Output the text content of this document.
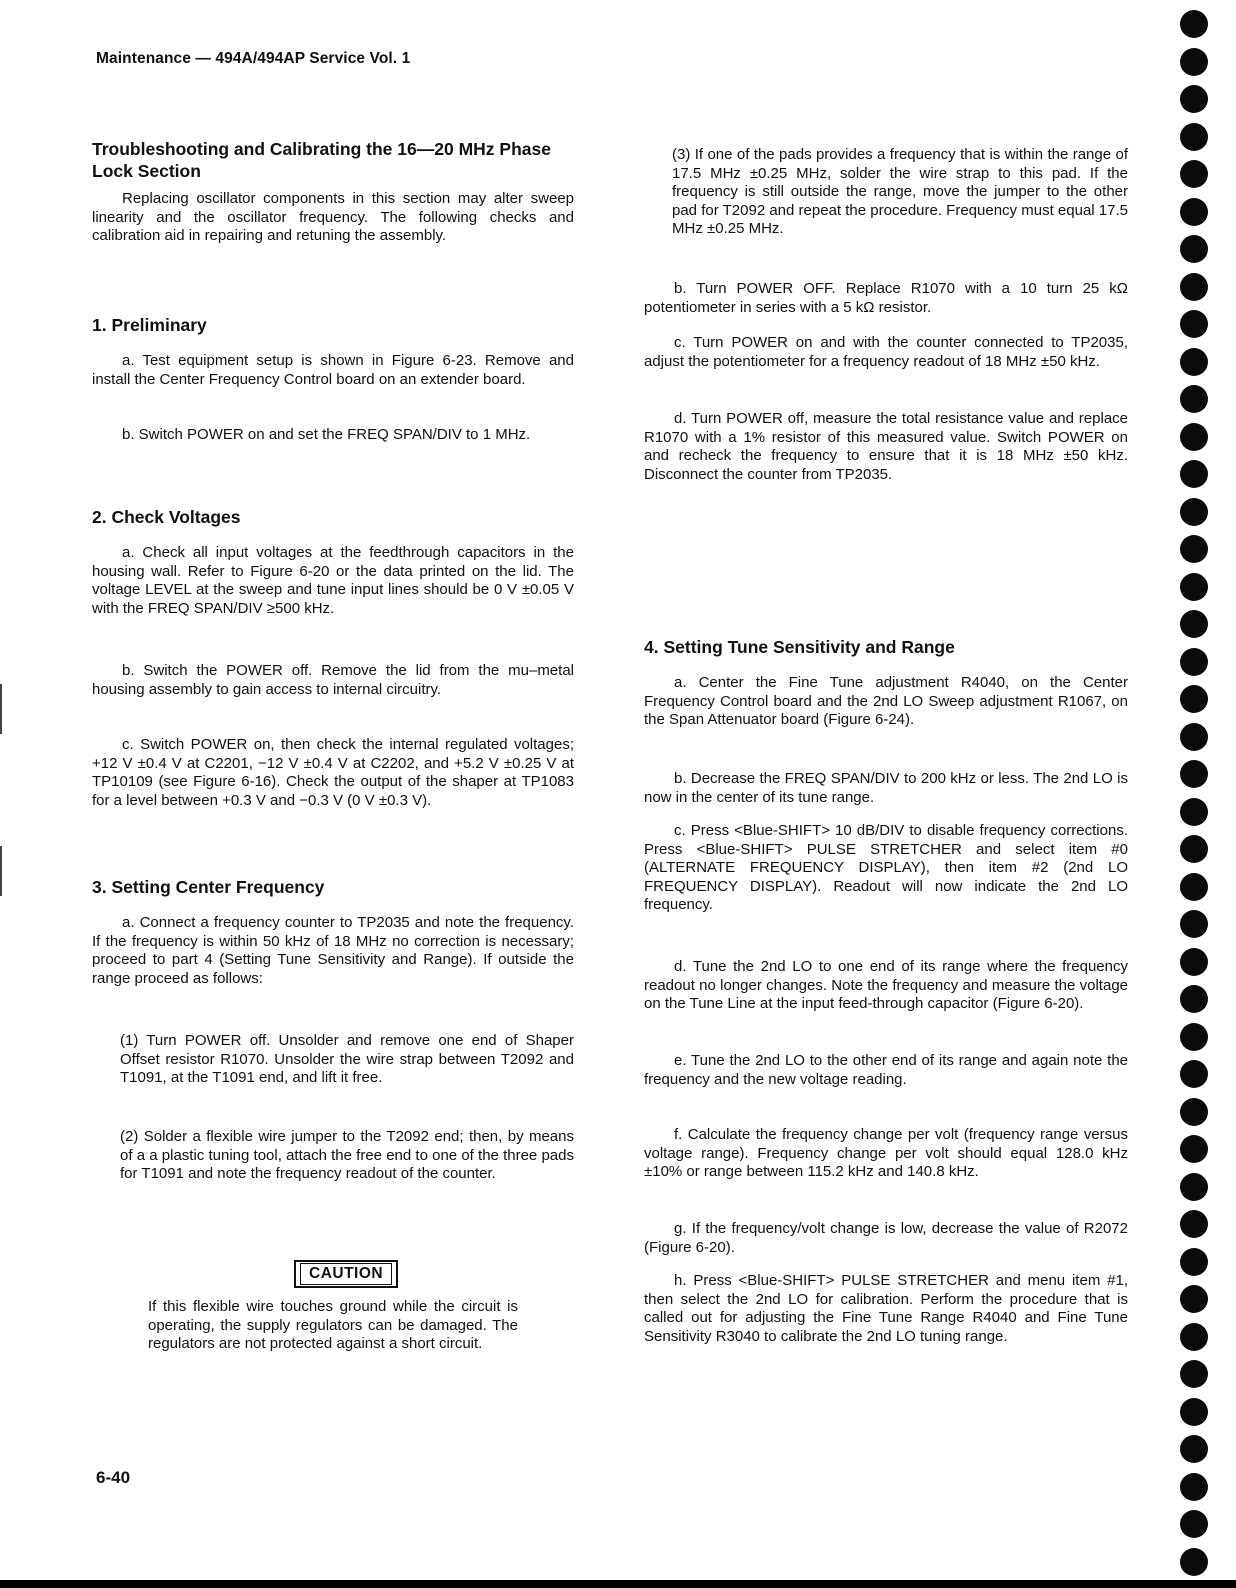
Maintenance — 494A/494AP Service Vol. 1
Troubleshooting and Calibrating the 16—20 MHz Phase Lock Section

Replacing oscillator components in this section may alter sweep linearity and the oscillator frequency. The following checks and calibration aid in repairing and retuning the assembly.

1. Preliminary

a. Test equipment setup is shown in Figure 6-23. Remove and install the Center Frequency Control board on an extender board.

b. Switch POWER on and set the FREQ SPAN/DIV to 1 MHz.

2. Check Voltages

a. Check all input voltages at the feedthrough capacitors in the housing wall. Refer to Figure 6-20 or the data printed on the lid. The voltage LEVEL at the sweep and tune input lines should be 0 V ±0.05 V with the FREQ SPAN/DIV ≥500 kHz.

b. Switch the POWER off. Remove the lid from the mu–metal housing assembly to gain access to internal circuitry.

c. Switch POWER on, then check the internal regulated voltages; +12 V ±0.4 V at C2201, −12 V ±0.4 V at C2202, and +5.2 V ±0.25 V at TP10109 (see Figure 6-16). Check the output of the shaper at TP1083 for a level between +0.3 V and −0.3 V (0 V ±0.3 V).

3. Setting Center Frequency

a. Connect a frequency counter to TP2035 and note the frequency. If the frequency is within 50 kHz of 18 MHz no correction is necessary; proceed to part 4 (Setting Tune Sensitivity and Range). If outside the range proceed as follows:

(1) Turn POWER off. Unsolder and remove one end of Shaper Offset resistor R1070. Unsolder the wire strap between T2092 and T1091, at the T1091 end, and lift it free.

(2) Solder a flexible wire jumper to the T2092 end; then, by means of a a plastic tuning tool, attach the free end to one of the three pads for T1091 and note the frequency readout of the counter.

If this flexible wire touches ground while the circuit is operating, the supply regulators can be damaged. The regulators are not protected against a short circuit.

CAUTION

(3) If one of the pads provides a frequency that is within the range of 17.5 MHz ±0.25 MHz, solder the wire strap to this pad. If the frequency is still outside the range, move the jumper to the other pad for T2092 and repeat the procedure. Frequency must equal 17.5 MHz ±0.25 MHz.

b. Turn POWER OFF. Replace R1070 with a 10 turn 25 kΩ potentiometer in series with a 5 kΩ resistor.

c. Turn POWER on and with the counter connected to TP2035, adjust the potentiometer for a frequency readout of 18 MHz ±50 kHz.

d. Turn POWER off, measure the total resistance value and replace R1070 with a 1% resistor of this measured value. Switch POWER on and recheck the frequency to ensure that it is 18 MHz ±50 kHz. Disconnect the counter from TP2035.

4. Setting Tune Sensitivity and Range

a. Center the Fine Tune adjustment R4040, on the Center Frequency Control board and the 2nd LO Sweep adjustment R1067, on the Span Attenuator board (Figure 6-24).

b. Decrease the FREQ SPAN/DIV to 200 kHz or less. The 2nd LO is now in the center of its tune range.

c. Press <Blue-SHIFT> 10 dB/DIV to disable frequency corrections. Press <Blue-SHIFT> PULSE STRETCHER and select item #0 (ALTERNATE FREQUENCY DISPLAY), then item #2 (2nd LO FREQUENCY DISPLAY). Readout will now indicate the 2nd LO frequency.

d. Tune the 2nd LO to one end of its range where the frequency readout no longer changes. Note the frequency and measure the voltage on the Tune Line at the input feed-through capacitor (Figure 6-20).

e. Tune the 2nd LO to the other end of its range and again note the frequency and the new voltage reading.

f. Calculate the frequency change per volt (frequency range versus voltage range). Frequency change per volt should equal 128.0 kHz ±10% or range between 115.2 kHz and 140.8 kHz.

g. If the frequency/volt change is low, decrease the value of R2072 (Figure 6-20).

h. Press <Blue-SHIFT> PULSE STRETCHER and menu item #1, then select the 2nd LO for calibration. Perform the procedure that is called out for adjusting the Fine Tune Range R4040 and Fine Tune Sensitivity R3040 to calibrate the 2nd LO tuning range.

6-40
